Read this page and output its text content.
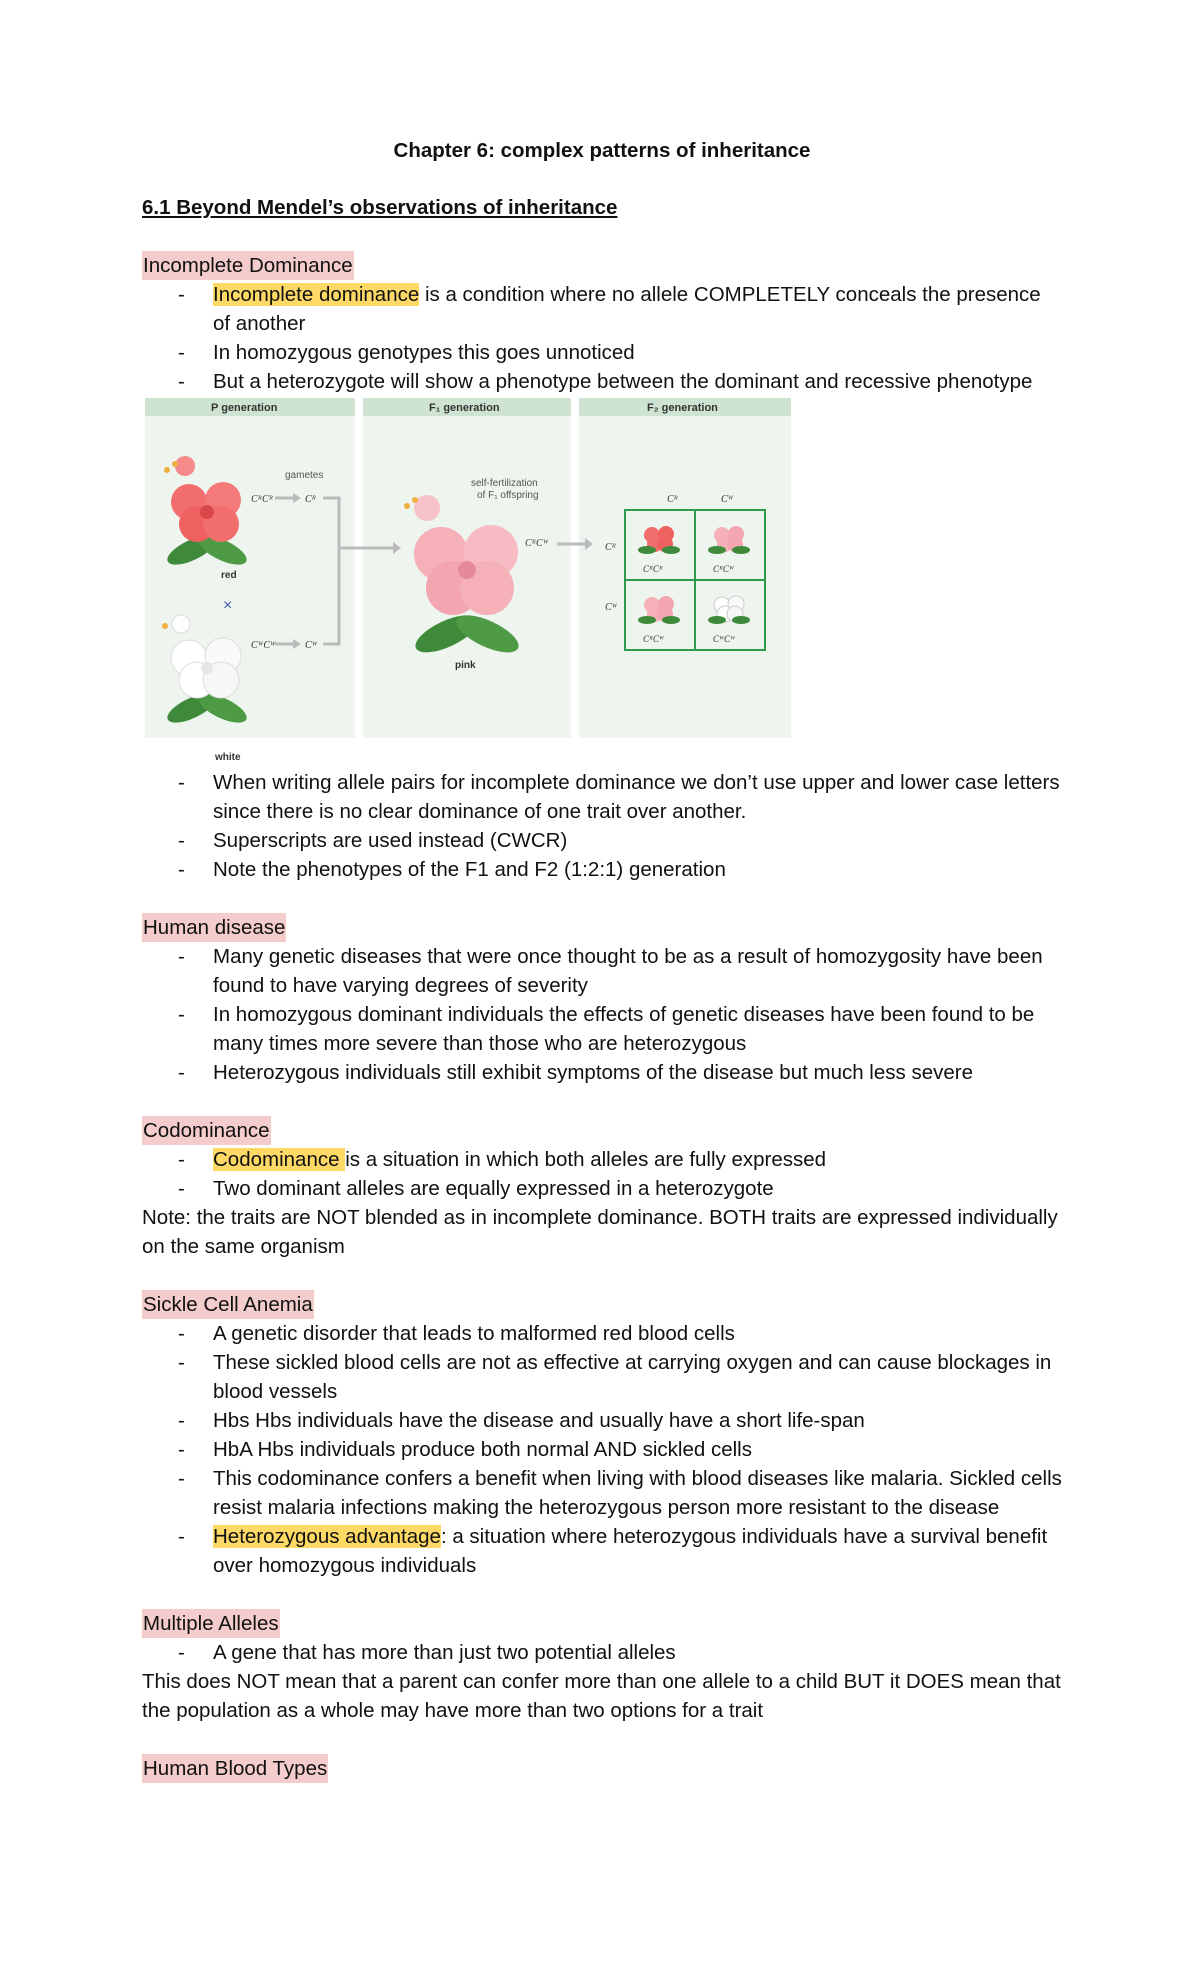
Chapter 6: complex patterns of inheritance
6.1 Beyond Mendel’s observations of inheritance
Incomplete Dominance
- Incomplete dominance is a condition where no allele COMPLETELY conceals the presence of another
- In homozygous genotypes this goes unnoticed
- But a heterozygote will show a phenotype between the dominant and recessive phenotype
P generation	F₁ generation	F₂ generation
gametes
CᴿCᴿ	Cᴿ
red
×
CᵂCᵂ	Cᵂ
white
self-fertilization
of F₁ offspring
CᴿCᵂ
pink
Cᴿ	Cᵂ
Cᴿ
Cᵂ
CᴿCᴿ	CᴿCᵂ
CᴿCᵂ	CᵂCᵂ
- When writing allele pairs for incomplete dominance we don’t use upper and lower case letters since there is no clear dominance of one trait over another.
- Superscripts are used instead (CWCR)
- Note the phenotypes of the F1 and F2 (1:2:1) generation
Human disease
- Many genetic diseases that were once thought to be as a result of homozygosity have been found to have varying degrees of severity
- In homozygous dominant individuals the effects of genetic diseases have been found to be many times more severe than those who are heterozygous
- Heterozygous individuals still exhibit symptoms of the disease but much less severe
Codominance
- Codominance is a situation in which both alleles are fully expressed
- Two dominant alleles are equally expressed in a heterozygote

Note: the traits are NOT blended as in incomplete dominance. BOTH traits are expressed individually on the same organism

Sickle Cell Anemia
- A genetic disorder that leads to malformed red blood cells
- These sickled blood cells are not as effective at carrying oxygen and can cause blockages in blood vessels
- Hbs Hbs individuals have the disease and usually have a short life-span
- HbA Hbs individuals produce both normal AND sickled cells
- This codominance confers a benefit when living with blood diseases like malaria. Sickled cells resist malaria infections making the heterozygous person more resistant to the disease
- Heterozygous advantage: a situation where heterozygous individuals have a survival benefit over homozygous individuals
Multiple Alleles
- A gene that has more than just two potential alleles

This does NOT mean that a parent can confer more than one allele to a child BUT it DOES mean that the population as a whole may have more than two options for a trait

Human Blood Types
